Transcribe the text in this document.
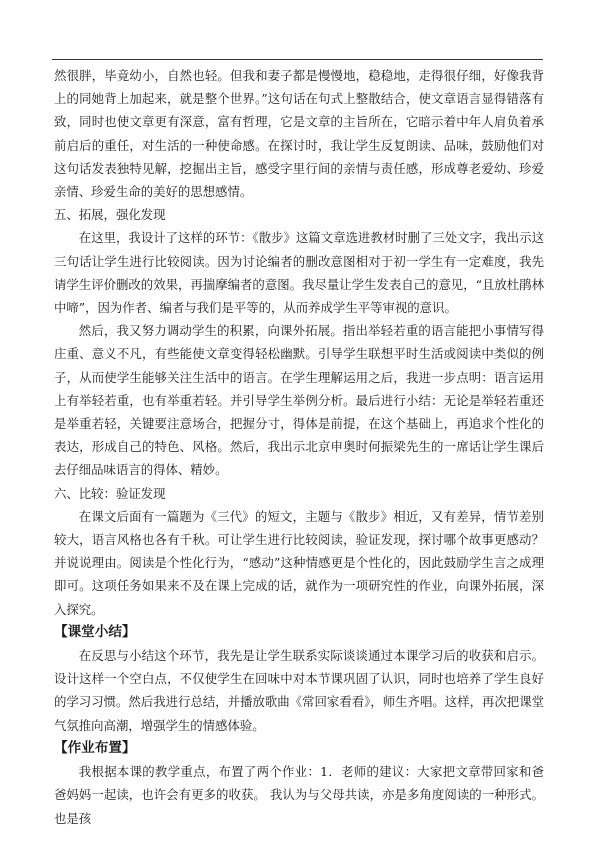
然很胖，毕竟幼小，自然也轻。但我和妻子都是慢慢地，稳稳地，走得很仔细，好像我背上的同她背上加起来，就是整个世界。”这句话在句式上整散结合，使文章语言显得错落有致，同时也使文章更有深意，富有哲理，它是文章的主旨所在，它暗示着中年人肩负着承前启后的重任，对生活的一种使命感。在探讨时，我让学生反复朗读、品味，鼓励他们对这句话发表独特见解，挖掘出主旨，感受字里行间的亲情与责任感，形成尊老爱幼、珍爱亲情、珍爱生命的美好的思想感情。

五、拓展，强化发现

在这里，我设计了这样的环节：《散步》这篇文章选进教材时删了三处文字，我出示这三句话让学生进行比较阅读。因为讨论编者的删改意图相对于初一学生有一定难度，我先请学生评价删改的效果，再揣摩编者的意图。我尽量让学生发表自己的意见，“且放杜鹃林中啼”，因为作者、编者与我们是平等的，从而养成学生平等审视的意识。

然后，我又努力调动学生的积累，向课外拓展。指出举轻若重的语言能把小事情写得庄重、意义不凡，有些能使文章变得轻松幽默。引导学生联想平时生活或阅读中类似的例子，从而使学生能够关注生活中的语言。在学生理解运用之后，我进一步点明：语言运用上有举轻若重，也有举重若轻。并引导学生举例分析。最后进行小结：无论是举轻若重还是举重若轻，关键要注意场合，把握分寸，得体是前提，在这个基础上，再追求个性化的表达，形成自己的特色、风格。然后，我出示北京申奥时何振梁先生的一席话让学生课后去仔细品味语言的得体、精妙。

六、比较：验证发现

在课文后面有一篇题为《三代》的短文，主题与《散步》相近，又有差异，情节差别较大，语言风格也各有千秋。可让学生进行比较阅读，验证发现，探讨哪个故事更感动？并说说理由。阅读是个性化行为，“感动”这种情感更是个性化的，因此鼓励学生言之成理即可。这项任务如果来不及在课上完成的话，就作为一项研究性的作业，向课外拓展，深入探究。

【课堂小结】

在反思与小结这个环节，我先是让学生联系实际谈谈通过本课学习后的收获和启示。设计这样一个空白点，不仅使学生在回味中对本节课巩固了认识，同时也培养了学生良好的学习习惯。然后我进行总结，并播放歌曲《常回家看看》，师生齐唱。这样，再次把课堂气氛推向高潮，增强学生的情感体验。

【作业布置】

我根据本课的教学重点，布置了两个作业：1．老师的建议：大家把文章带回家和爸爸妈妈一起读，也许会有更多的收获。 我认为与父母共读，亦是多角度阅读的一种形式。也是孩
